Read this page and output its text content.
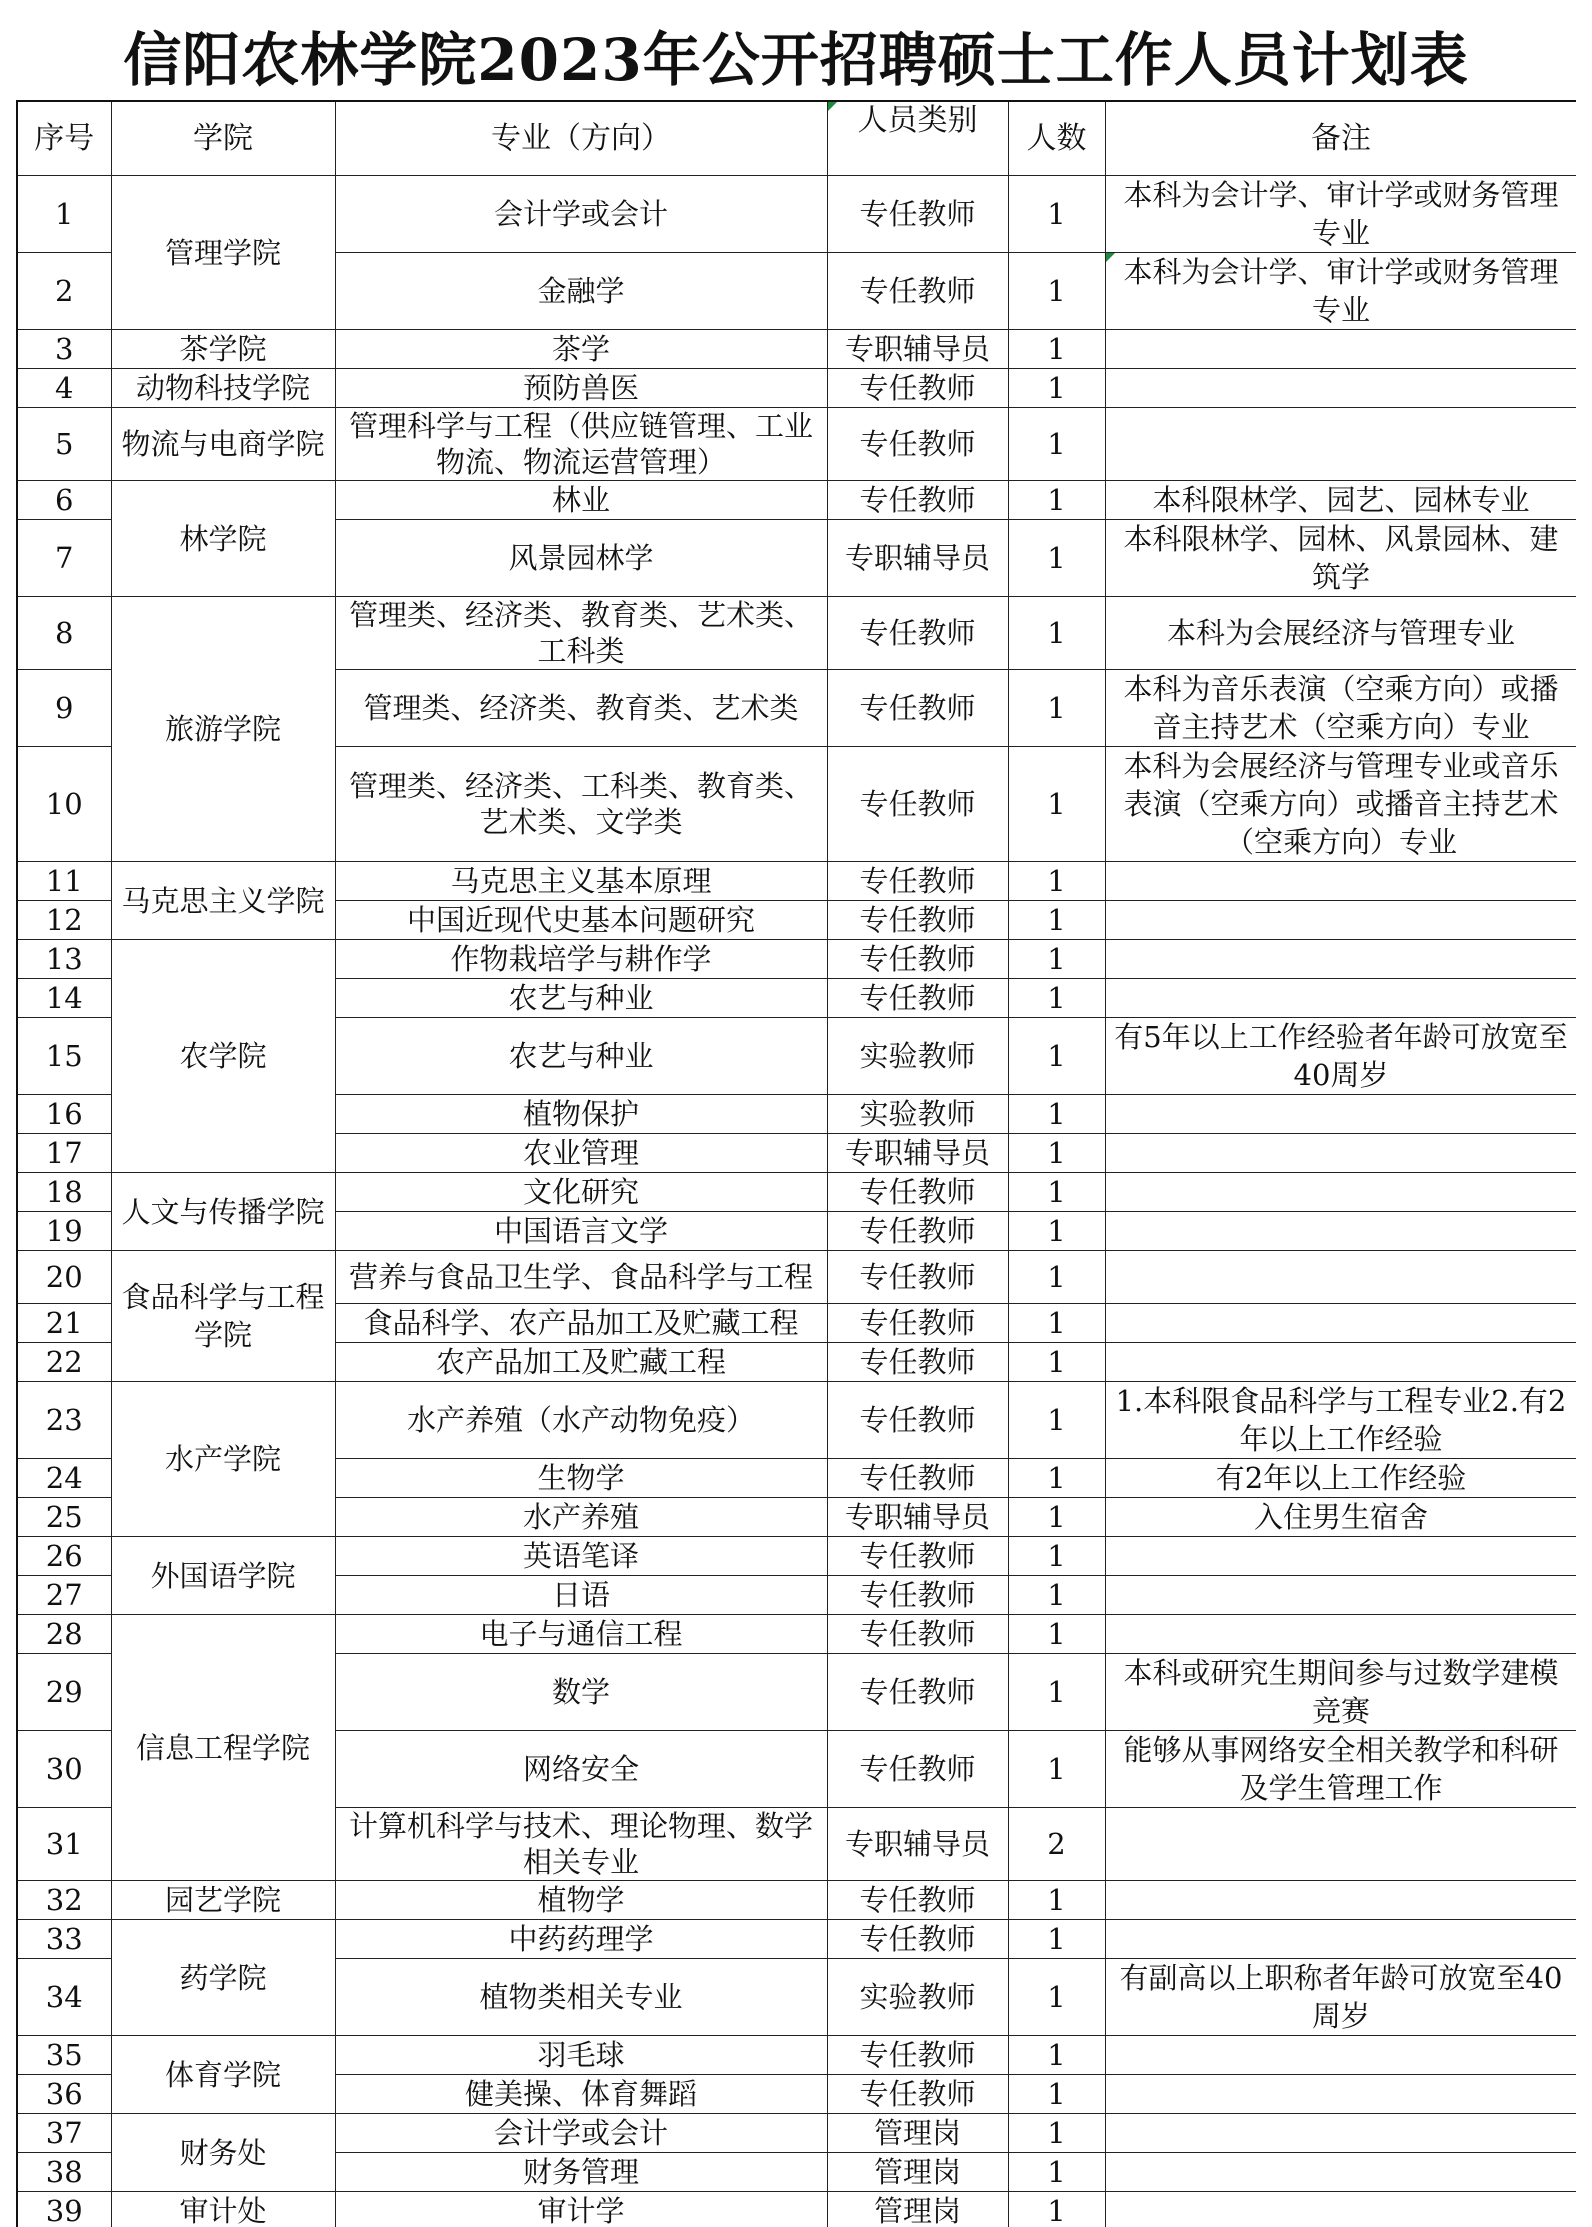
信阳农林学院2023年公开招聘硕士工作人员计划表
序号	学院	专业（方向）	人员类别	人数	备注
1	管理学院	会计学或会计	专任教师	1	本科为会计学、审计学或财务管理专业
2		金融学	专任教师	1	本科为会计学、审计学或财务管理专业
3	茶学院	茶学	专职辅导员	1	
4	动物科技学院	预防兽医	专任教师	1	
5	物流与电商学院	管理科学与工程（供应链管理、工业物流、物流运营管理）	专任教师	1	
6	林学院	林业	专任教师	1	本科限林学、园艺、园林专业
7		风景园林学	专职辅导员	1	本科限林学、园林、风景园林、建筑学
8	旅游学院	管理类、经济类、教育类、艺术类、工科类	专任教师	1	本科为会展经济与管理专业
9		管理类、经济类、教育类、艺术类	专任教师	1	本科为音乐表演（空乘方向）或播音主持艺术（空乘方向）专业
10		管理类、经济类、工科类、教育类、艺术类、文学类	专任教师	1	本科为会展经济与管理专业或音乐表演（空乘方向）或播音主持艺术（空乘方向）专业
11	马克思主义学院	马克思主义基本原理	专任教师	1	
12		中国近现代史基本问题研究	专任教师	1	
13	农学院	作物栽培学与耕作学	专任教师	1	
14		农艺与种业	专任教师	1	
15		农艺与种业	实验教师	1	有5年以上工作经验者年龄可放宽至40周岁
16		植物保护	实验教师	1	
17		农业管理	专职辅导员	1	
18	人文与传播学院	文化研究	专任教师	1	
19		中国语言文学	专任教师	1	
20	食品科学与工程学院	营养与食品卫生学、食品科学与工程	专任教师	1	
21		食品科学、农产品加工及贮藏工程	专任教师	1	
22		农产品加工及贮藏工程	专任教师	1	
23	水产学院	水产养殖（水产动物免疫）	专任教师	1	1.本科限食品科学与工程专业2.有2年以上工作经验
24		生物学	专任教师	1	有2年以上工作经验
25		水产养殖	专职辅导员	1	入住男生宿舍
26	外国语学院	英语笔译	专任教师	1	
27		日语	专任教师	1	
28	信息工程学院	电子与通信工程	专任教师	1	
29		数学	专任教师	1	本科或研究生期间参与过数学建模竞赛
30		网络安全	专任教师	1	能够从事网络安全相关教学和科研及学生管理工作
31		计算机科学与技术、理论物理、数学相关专业	专职辅导员	2	
32	园艺学院	植物学	专任教师	1	
33	药学院	中药药理学	专任教师	1	
34		植物类相关专业	实验教师	1	有副高以上职称者年龄可放宽至40周岁
35	体育学院	羽毛球	专任教师	1	
36		健美操、体育舞蹈	专任教师	1	
37	财务处	会计学或会计	管理岗	1	
38		财务管理	管理岗	1	
39	审计处	审计学	管理岗	1	
